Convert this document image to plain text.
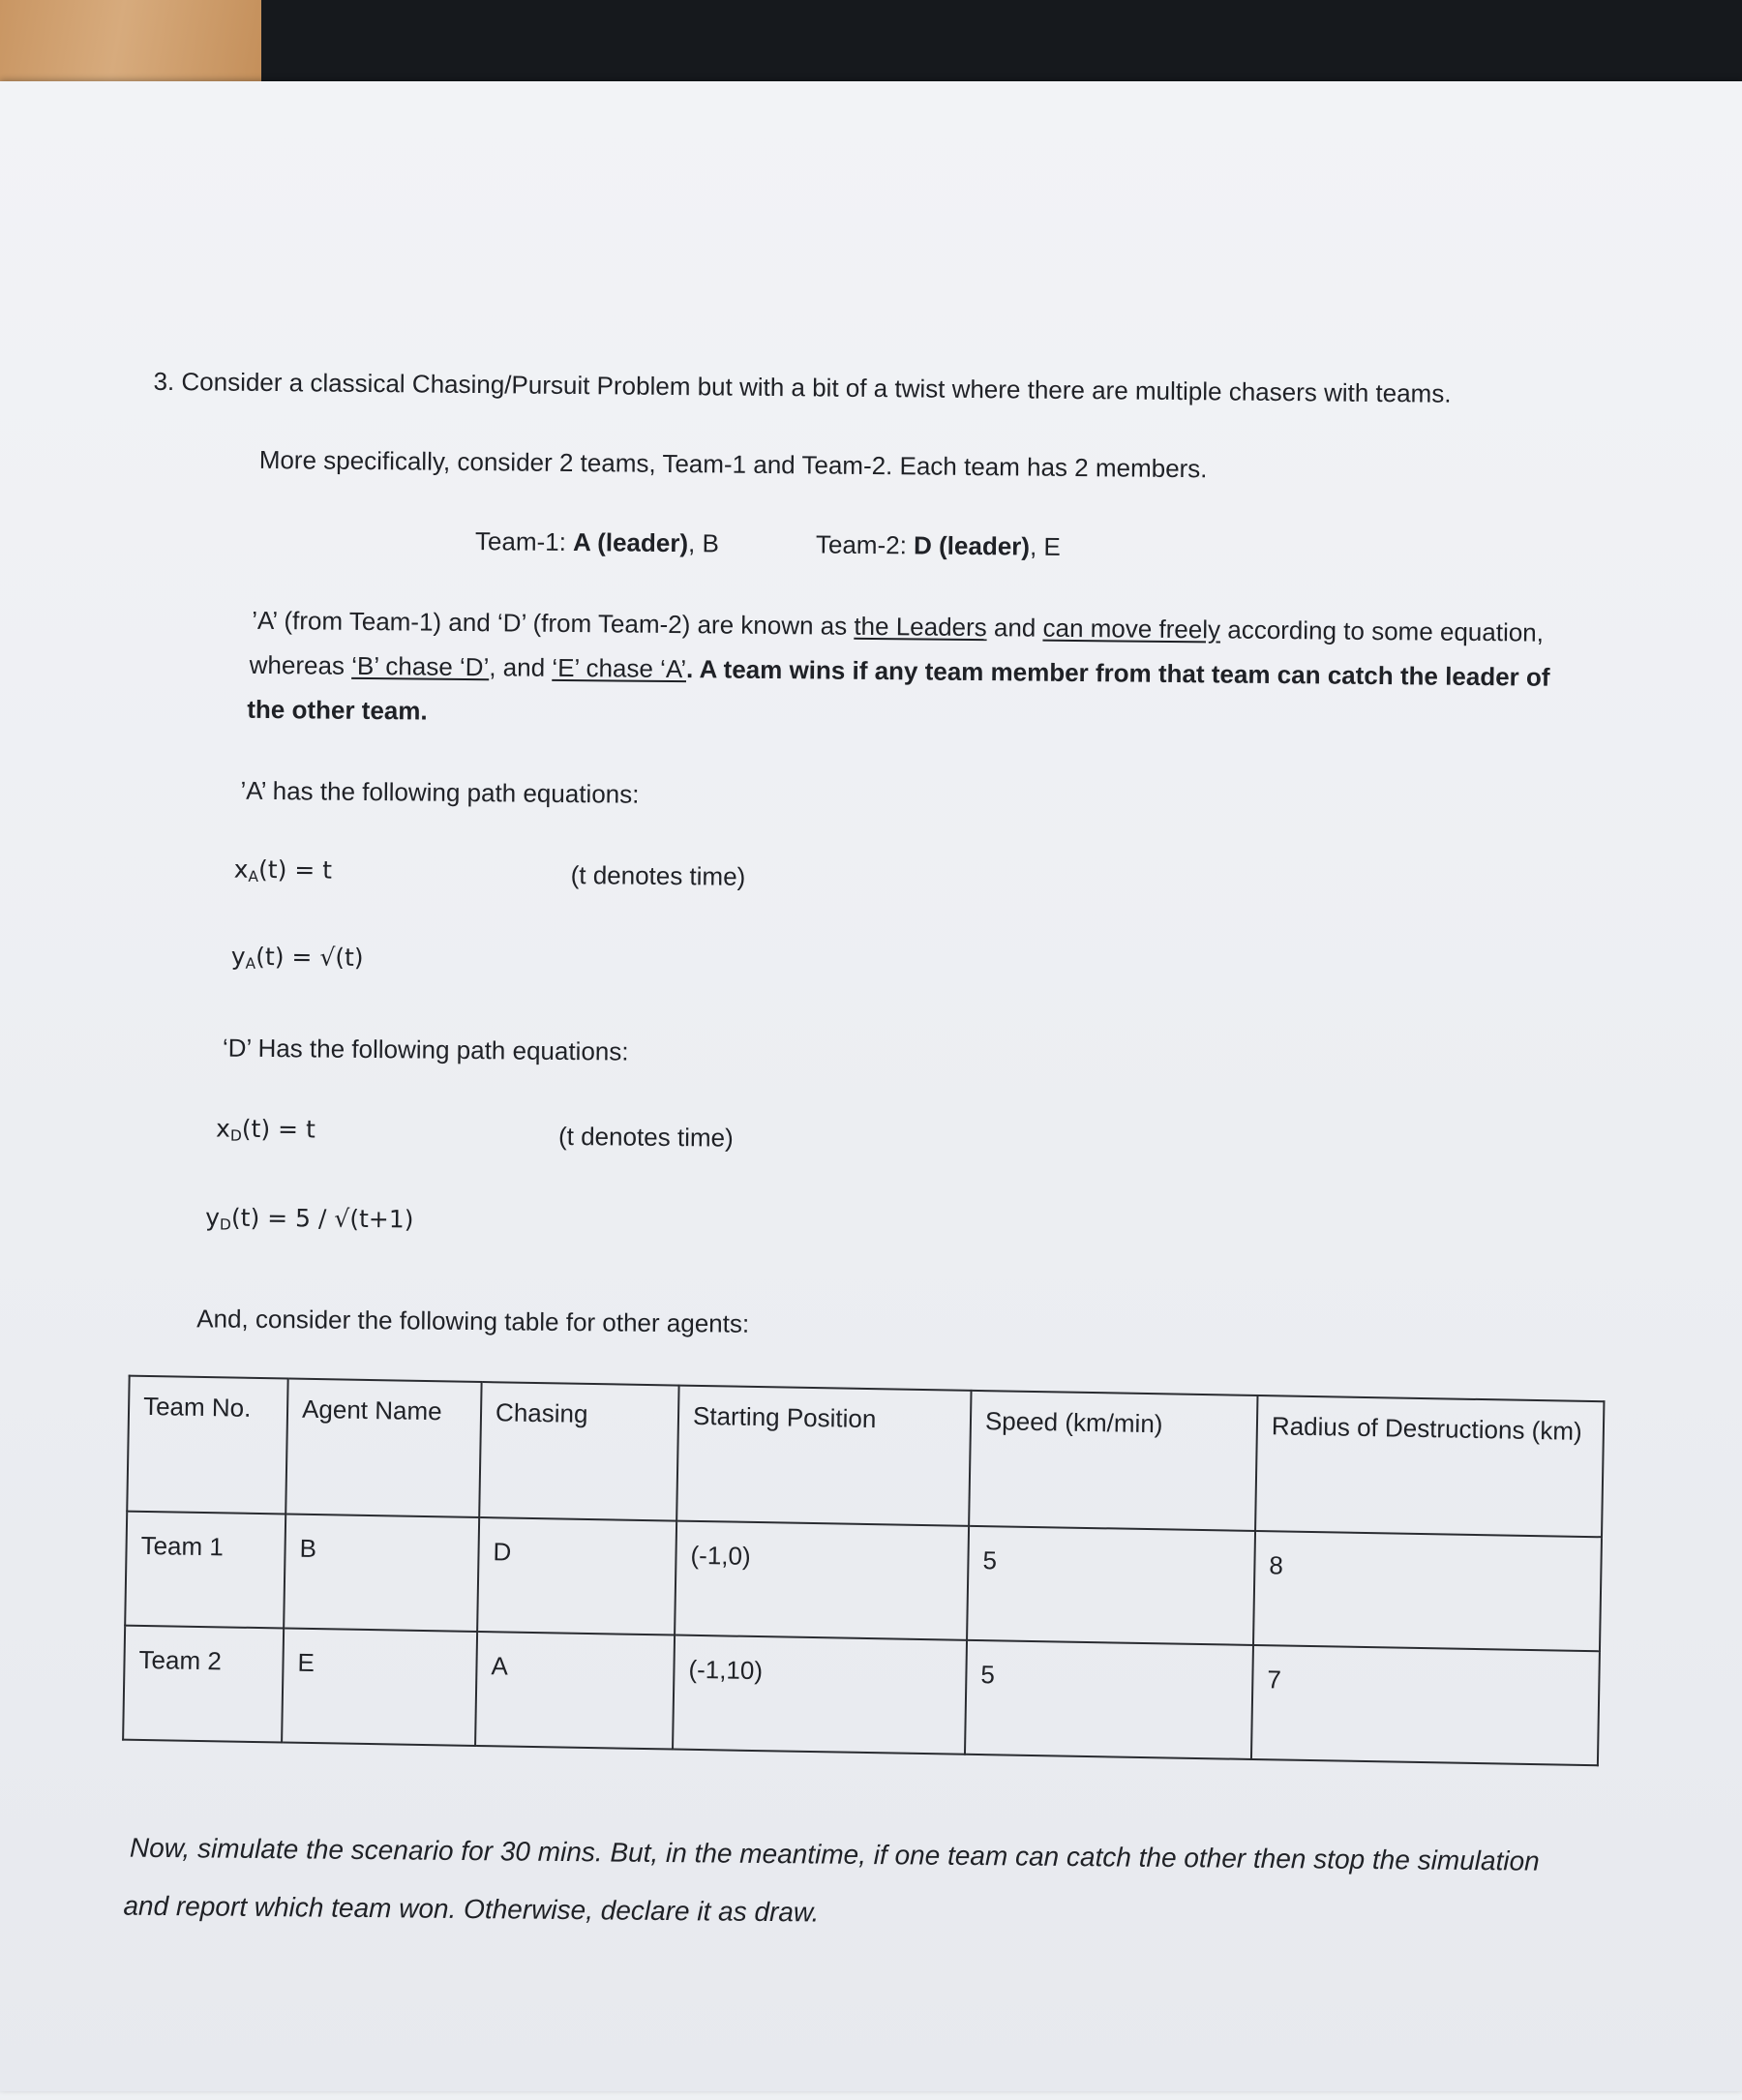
3. Consider a classical Chasing/Pursuit Problem but with a bit of a twist where there are multiple chasers with teams.
More specifically, consider 2 teams, Team-1 and Team-2. Each team has 2 members.
Team-1: A (leader), B	Team-2: D (leader), E
’A’ (from Team-1) and ‘D’ (from Team-2) are known as the Leaders and can move freely according to some equation,
whereas ‘B’ chase ‘D’, and ‘E’ chase ‘A’. A team wins if any team member from that team can catch the leader of
the other team.
’A’ has the following path equations:
$x_A(t) = t$	(t denotes time)
$y_A(t) = √(t)$
‘D’ Has the following path equations:
$x_D(t) = t$	(t denotes time)
$y_D(t) = 5 / √(t+1)$
And, consider the following table for other agents:
Team No.	Agent Name	Chasing	Starting Position	Speed (km/min)	Radius of Destructions (km)
Team 1	B	D	(-1,0)	5	8
Team 2	E	A	(-1,10)	5	7
Now, simulate the scenario for 30 mins. But, in the meantime, if one team can catch the other then stop the simulation
and report which team won. Otherwise, declare it as draw.
